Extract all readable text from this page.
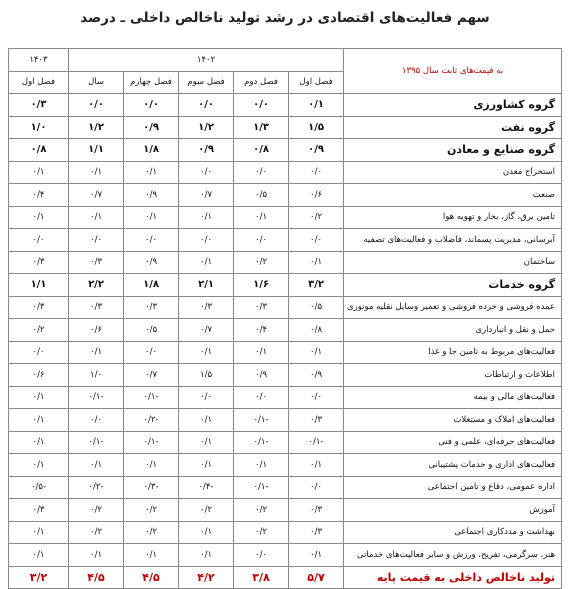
سهم فعالیت‌های اقتصادی در رشد تولید ناخالص داخلی ـ درصد
به قیمت‌های ثابت سال ۱۳۹۵	۱۴۰۲					۱۴۰۳
	فصل اول	فصل دوم	فصل سوم	فصل چهارم	سال	فصل اول
گروه کشاورزی	۰/۱	۰/۰	۰/۰	۰/۰	۰/۰	۰/۳
گروه نفت	۱/۵	۱/۳	۱/۲	۰/۹	۱/۲	۱/۰
گروه صنایع و معادن	۰/۹	۰/۸	۰/۹	۱/۸	۱/۱	۰/۸
استخراج معدن	۰/۰	۰/۰	۰/۰	۰/۱	۰/۱	۰/۱
صنعت	۰/۶	۰/۵	۰/۷	۰/۹	۰/۷	۰/۴
تامین برق، گاز، بخار و تهویه هوا	۰/۲	۰/۱	۰/۱	۰/۱	۰/۱	۰/۱
آبرسانی، مدیریت پسماند، فاضلاب و فعالیت‌های تصفیه	۰/۰	۰/۰	۰/۰	۰/۰	۰/۰	۰/۰
ساختمان	۰/۱	۰/۲	۰/۱	۰/۹	۰/۳	۰/۳
گروه خدمات	۳/۲	۱/۶	۲/۱	۱/۸	۲/۲	۱/۱
عمده فروشی و خرده فروشی و تعمیر وسایل نقلیه موتوری	۰/۵	۰/۳	۰/۳	۰/۳	۰/۳	۰/۳
حمل و نقل و انبارداری	۰/۸	۰/۴	۰/۷	۰/۵	۰/۶	۰/۲
فعالیت‌های مربوط به تامین جا و غذا	۰/۱	۰/۱	۰/۱	۰/۰	۰/۱	۰/۰
اطلاعات و ارتباطات	۰/۹	۰/۹	۱/۵	۰/۷	۱/۰	۰/۶
فعالیت‌های مالی و بیمه	۰/۰	۰/۰	۰/۰	-۰/۱	-۰/۱	۰/۱
فعالیت‌های املاک و مستغلات	۰/۳	-۰/۱	۰/۱	-۰/۲	۰/۰	۰/۱
فعالیت‌های حرفه‌ای، علمی و فنی	-۰/۱	-۰/۱	۰/۱	-۰/۱	-۰/۱	۰/۱
فعالیت‌های اداری و خدمات پشتیبانی	۰/۱	۰/۱	۰/۱	۰/۱	۰/۱	۰/۱
اداره عمومی، دفاع و تامین اجتماعی	۰/۰	-۰/۱	-۰/۴	-۰/۳	-۰/۲	-۰/۵
آموزش	۰/۳	۰/۲	۰/۲	۰/۲	۰/۲	۰/۳
بهداشت و مددکاری اجتماعی	۰/۳	۰/۲	۰/۱	۰/۲	۰/۲	۰/۱
هنر، سرگرمی، تفریح، ورزش و سایر فعالیت‌های خدماتی	۰/۱	۰/۰	۰/۱	۰/۱	۰/۱	۰/۱
تولید ناخالص داخلی به قیمت پایه	۵/۷	۳/۸	۴/۲	۴/۵	۴/۵	۳/۲
